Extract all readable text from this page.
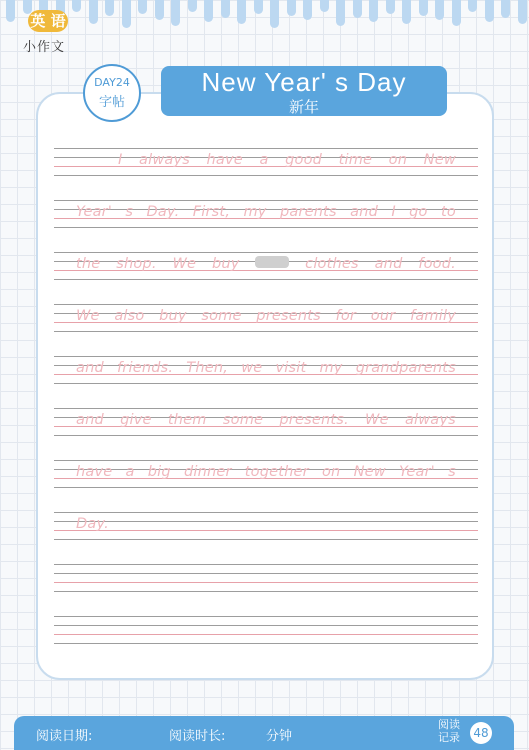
英 语
小作文
DAY24
字帖
New Year' s Day
新年
I always have a good time on New
Year' s Day. First, my parents and I go to
the shop. We buy	clothes and food.
We also buy some presents for our family
and friends. Then, we visit my grandparents
and give them some presents. We always
have a big dinner together on New Year' s
Day.
阅读日期:	阅读时长:	分钟
阅读记录	48
